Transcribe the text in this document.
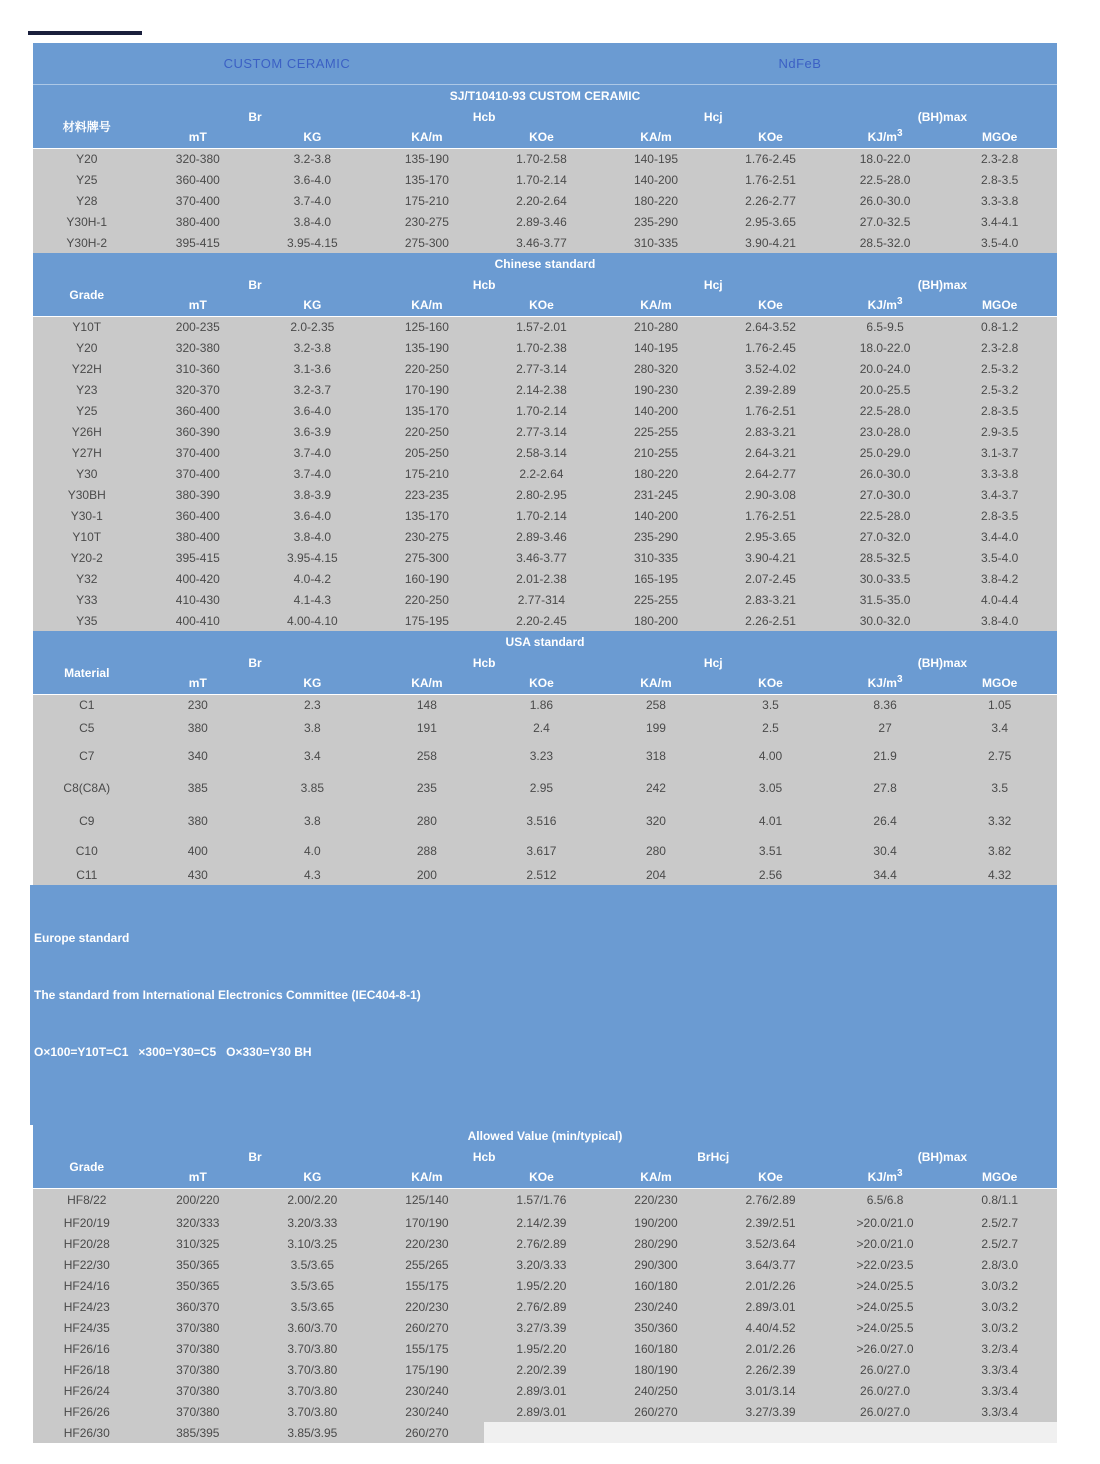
CUSTOM CERAMIC	NdFeB
SJ/T10410-93 CUSTOM CERAMIC								
材料牌号	Br		Hcb		Hcj		(BH)max	
	mT	KG	KA/m	KOe	KA/m	KOe	$KJ/m^3$	MGOe
Y20	320-380	3.2-3.8	135-190	1.70-2.58	140-195	1.76-2.45	18.0-22.0	2.3-2.8
Y25	360-400	3.6-4.0	135-170	1.70-2.14	140-200	1.76-2.51	22.5-28.0	2.8-3.5
Y28	370-400	3.7-4.0	175-210	2.20-2.64	180-220	2.26-2.77	26.0-30.0	3.3-3.8
Y30H-1	380-400	3.8-4.0	230-275	2.89-3.46	235-290	2.95-3.65	27.0-32.5	3.4-4.1
Y30H-2	395-415	3.95-4.15	275-300	3.46-3.77	310-335	3.90-4.21	28.5-32.0	3.5-4.0
Chinese standard								
Grade	Br		Hcb		Hcj		(BH)max	
	mT	KG	KA/m	KOe	KA/m	KOe	$KJ/m^3$	MGOe
Y10T	200-235	2.0-2.35	125-160	1.57-2.01	210-280	2.64-3.52	6.5-9.5	0.8-1.2
Y20	320-380	3.2-3.8	135-190	1.70-2.38	140-195	1.76-2.45	18.0-22.0	2.3-2.8
Y22H	310-360	3.1-3.6	220-250	2.77-3.14	280-320	3.52-4.02	20.0-24.0	2.5-3.2
Y23	320-370	3.2-3.7	170-190	2.14-2.38	190-230	2.39-2.89	20.0-25.5	2.5-3.2
Y25	360-400	3.6-4.0	135-170	1.70-2.14	140-200	1.76-2.51	22.5-28.0	2.8-3.5
Y26H	360-390	3.6-3.9	220-250	2.77-3.14	225-255	2.83-3.21	23.0-28.0	2.9-3.5
Y27H	370-400	3.7-4.0	205-250	2.58-3.14	210-255	2.64-3.21	25.0-29.0	3.1-3.7
Y30	370-400	3.7-4.0	175-210	2.2-2.64	180-220	2.64-2.77	26.0-30.0	3.3-3.8
Y30BH	380-390	3.8-3.9	223-235	2.80-2.95	231-245	2.90-3.08	27.0-30.0	3.4-3.7
Y30-1	360-400	3.6-4.0	135-170	1.70-2.14	140-200	1.76-2.51	22.5-28.0	2.8-3.5
Y10T	380-400	3.8-4.0	230-275	2.89-3.46	235-290	2.95-3.65	27.0-32.0	3.4-4.0
Y20-2	395-415	3.95-4.15	275-300	3.46-3.77	310-335	3.90-4.21	28.5-32.5	3.5-4.0
Y32	400-420	4.0-4.2	160-190	2.01-2.38	165-195	2.07-2.45	30.0-33.5	3.8-4.2
Y33	410-430	4.1-4.3	220-250	2.77-314	225-255	2.83-3.21	31.5-35.0	4.0-4.4
Y35	400-410	4.00-4.10	175-195	2.20-2.45	180-200	2.26-2.51	30.0-32.0	3.8-4.0
USA standard								
Material	Br		Hcb		Hcj		(BH)max	
	mT	KG	KA/m	KOe	KA/m	KOe	$KJ/m^3$	MGOe
C1	230	2.3	148	1.86	258	3.5	8.36	1.05
C5	380	3.8	191	2.4	199	2.5	27	3.4
C7	340	3.4	258	3.23	318	4.00	21.9	2.75
C8(C8A)	385	3.85	235	2.95	242	3.05	27.8	3.5
C9	380	3.8	280	3.516	320	4.01	26.4	3.32
C10	400	4.0	288	3.617	280	3.51	30.4	3.82
C11	430	4.3	200	2.512	204	2.56	34.4	4.32

Europe standard

The standard from International Electronics Committee (IEC404-8-1)

O×100=Y10T=C1   ×300=Y30=C5   O×330=Y30 BH

Allowed Value (min/typical)								
Grade	Br		Hcb		BrHcj		(BH)max	
	mT	KG	KA/m	KOe	KA/m	KOe	$KJ/m^3$	MGOe
HF8/22	200/220	2.00/2.20	125/140	1.57/1.76	220/230	2.76/2.89	6.5/6.8	0.8/1.1
HF20/19	320/333	3.20/3.33	170/190	2.14/2.39	190/200	2.39/2.51	>20.0/21.0	2.5/2.7
HF20/28	310/325	3.10/3.25	220/230	2.76/2.89	280/290	3.52/3.64	>20.0/21.0	2.5/2.7
HF22/30	350/365	3.5/3.65	255/265	3.20/3.33	290/300	3.64/3.77	>22.0/23.5	2.8/3.0
HF24/16	350/365	3.5/3.65	155/175	1.95/2.20	160/180	2.01/2.26	>24.0/25.5	3.0/3.2
HF24/23	360/370	3.5/3.65	220/230	2.76/2.89	230/240	2.89/3.01	>24.0/25.5	3.0/3.2
HF24/35	370/380	3.60/3.70	260/270	3.27/3.39	350/360	4.40/4.52	>24.0/25.5	3.0/3.2
HF26/16	370/380	3.70/3.80	155/175	1.95/2.20	160/180	2.01/2.26	>26.0/27.0	3.2/3.4
HF26/18	370/380	3.70/3.80	175/190	2.20/2.39	180/190	2.26/2.39	26.0/27.0	3.3/3.4
HF26/24	370/380	3.70/3.80	230/240	2.89/3.01	240/250	3.01/3.14	26.0/27.0	3.3/3.4
HF26/26	370/380	3.70/3.80	230/240	2.89/3.01	260/270	3.27/3.39	26.0/27.0	3.3/3.4
HF26/30	385/395	3.85/3.95	260/270					
